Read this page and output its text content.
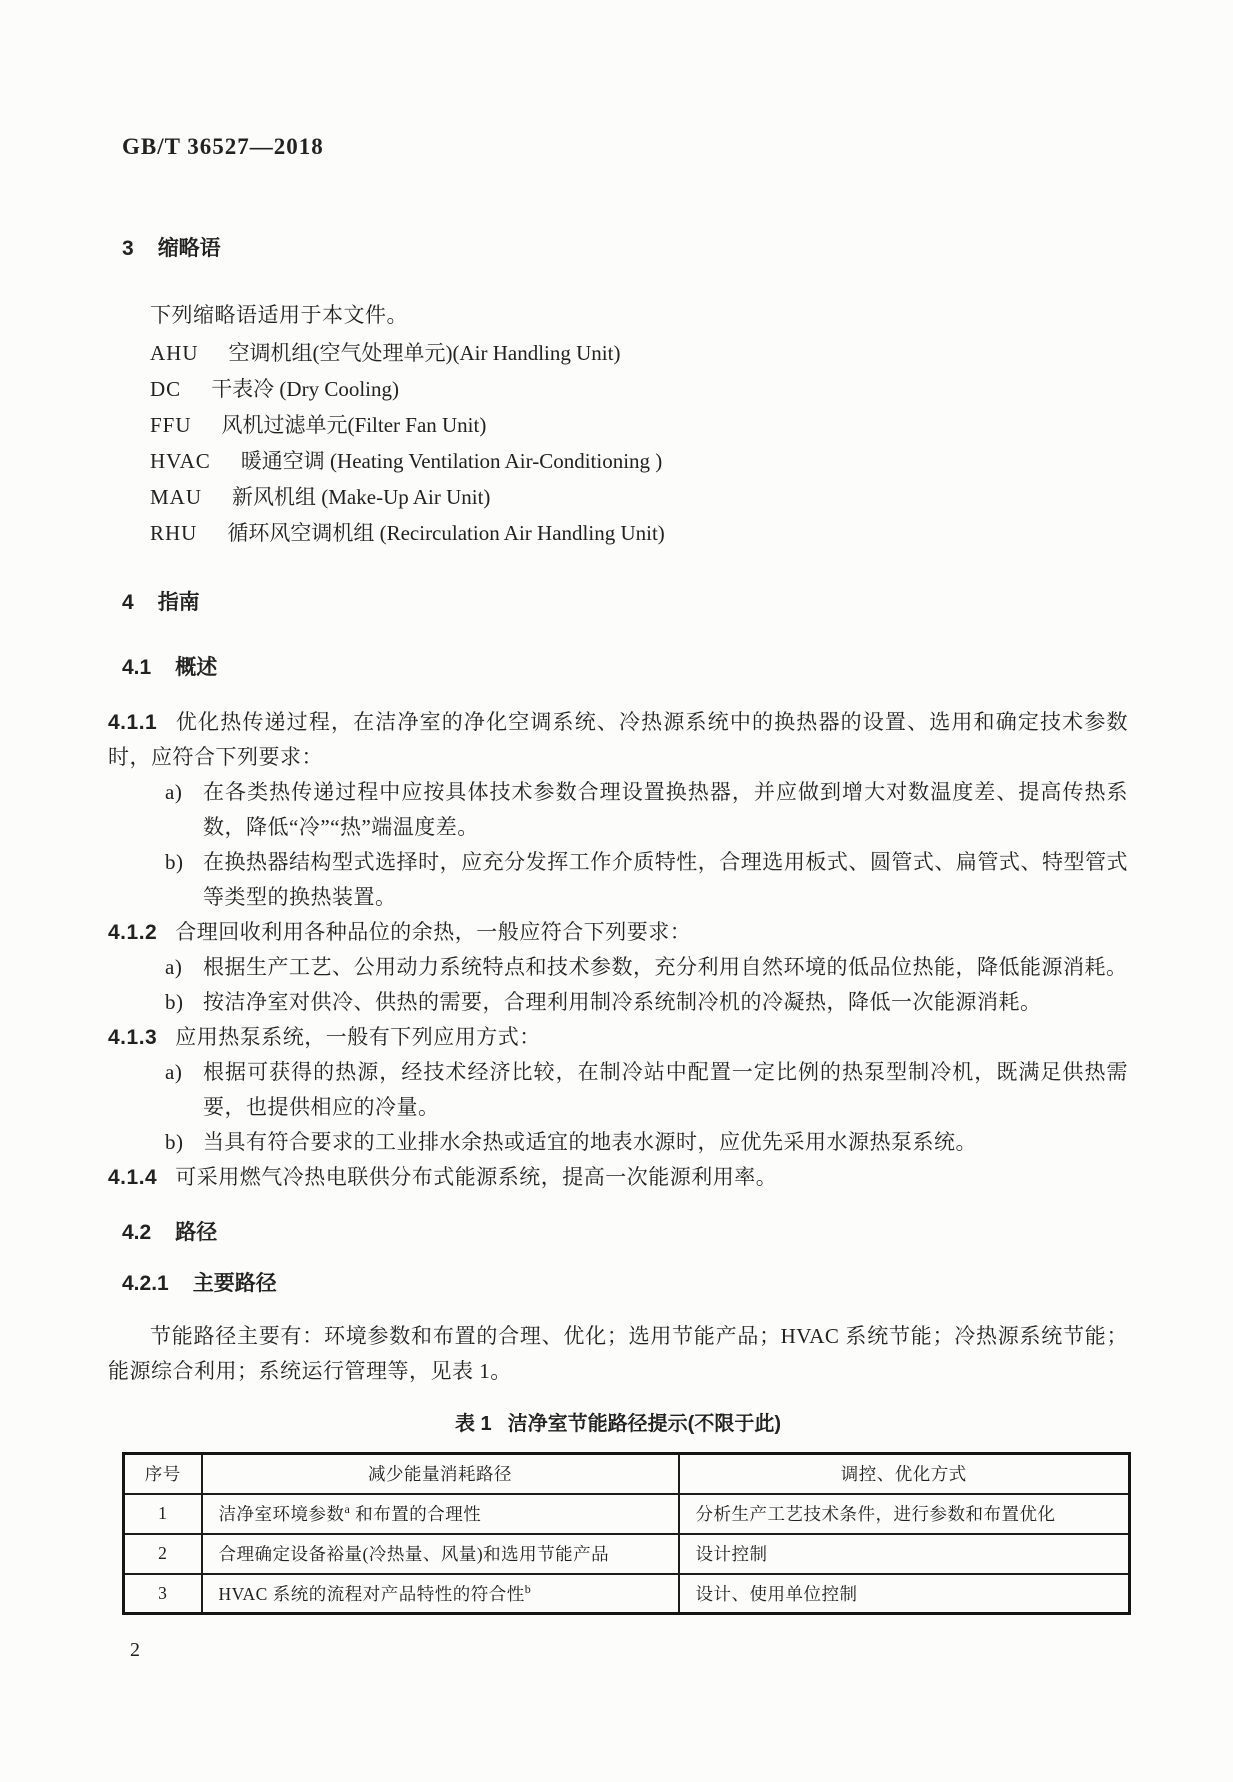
GB/T 36527—2018
3 缩略语
下列缩略语适用于本文件。
AHU 空调机组(空气处理单元)(Air Handling Unit)
DC 干表冷 (Dry Cooling)
FFU 风机过滤单元(Filter Fan Unit)
HVAC 暖通空调 (Heating Ventilation Air-Conditioning )
MAU 新风机组 (Make-Up Air Unit)
RHU 循环风空调机组 (Recirculation Air Handling Unit)
4 指南
4.1 概述
4.1.1 优化热传递过程，在洁净室的净化空调系统、冷热源系统中的换热器的设置、选用和确定技术参数时，应符合下列要求：
a) 在各类热传递过程中应按具体技术参数合理设置换热器，并应做到增大对数温度差、提高传热系数，降低“冷”“热”端温度差。
b) 在换热器结构型式选择时，应充分发挥工作介质特性，合理选用板式、圆管式、扁管式、特型管式等类型的换热装置。
4.1.2 合理回收利用各种品位的余热，一般应符合下列要求：
a) 根据生产工艺、公用动力系统特点和技术参数，充分利用自然环境的低品位热能，降低能源消耗。
b) 按洁净室对供冷、供热的需要，合理利用制冷系统制冷机的冷凝热，降低一次能源消耗。
4.1.3 应用热泵系统，一般有下列应用方式：
a) 根据可获得的热源，经技术经济比较，在制冷站中配置一定比例的热泵型制冷机，既满足供热需要，也提供相应的冷量。
b) 当具有符合要求的工业排水余热或适宜的地表水源时，应优先采用水源热泵系统。
4.1.4 可采用燃气冷热电联供分布式能源系统，提高一次能源利用率。
4.2 路径
4.2.1 主要路径
节能路径主要有：环境参数和布置的合理、优化；选用节能产品；HVAC 系统节能；冷热源系统节能；能源综合利用；系统运行管理等，见表 1。
表 1 洁净室节能路径提示(不限于此)
序号	减少能量消耗路径	调控、优化方式
1	洁净室环境参数$^a$ 和布置的合理性	分析生产工艺技术条件，进行参数和布置优化
2	合理确定设备裕量(冷热量、风量)和选用节能产品	设计控制
3	HVAC 系统的流程对产品特性的符合性$^b$	设计、使用单位控制
2
